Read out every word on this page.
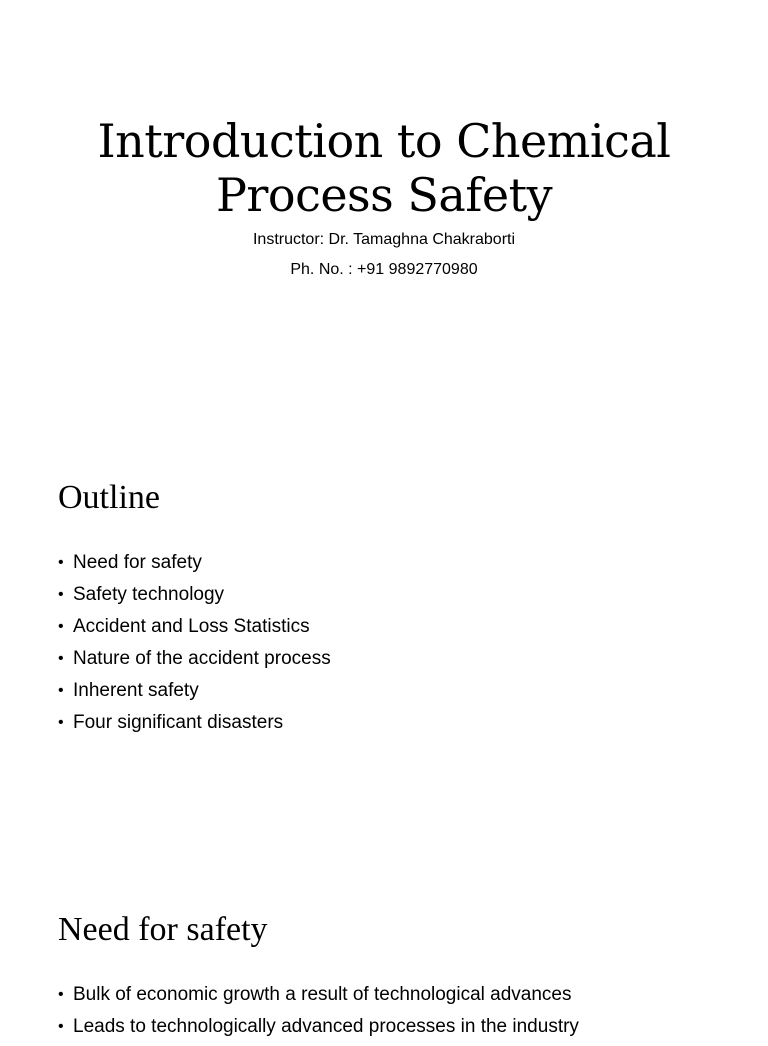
Introduction to Chemical
Process Safety

Instructor: Dr. Tamaghna Chakraborti

Ph. No. : +91 9892770980

Outline
• Need for safety
• Safety technology
• Accident and Loss Statistics
• Nature of the accident process
• Inherent safety
• Four significant disasters
Need for safety
• Bulk of economic growth a result of technological advances
• Leads to technologically advanced processes in the industry
